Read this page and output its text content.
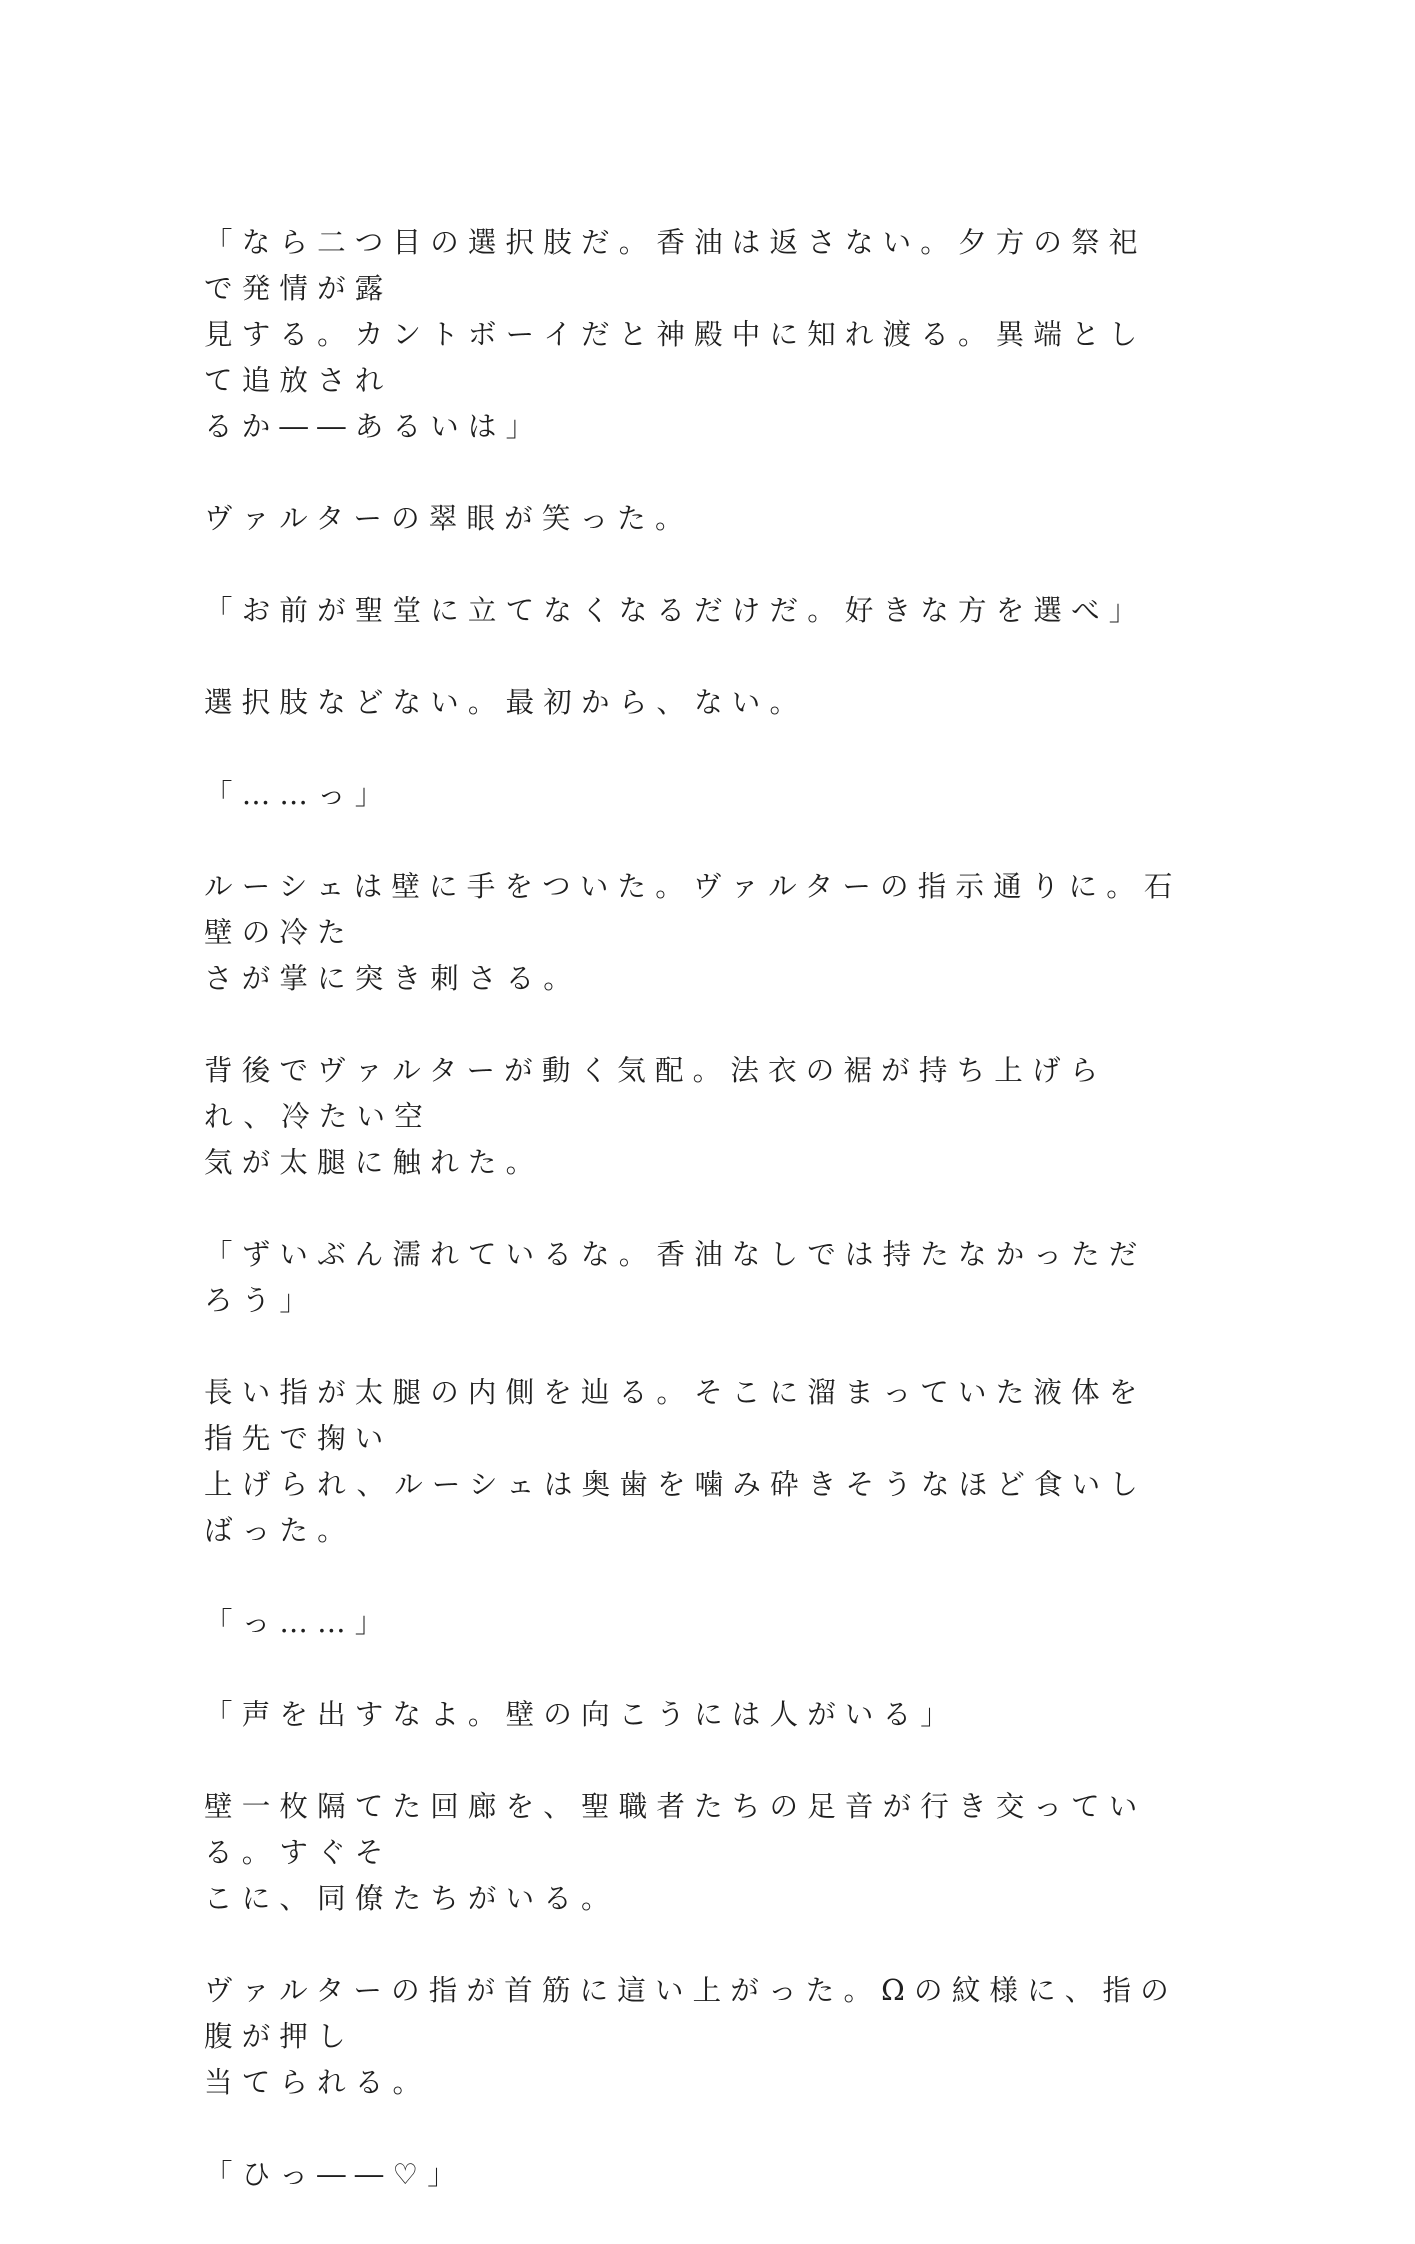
「なら二つ目の選択肢だ。香油は返さない。夕方の祭祀で発情が露
見する。カントボーイだと神殿中に知れ渡る。異端として追放され
るか――あるいは」

ヴァルターの翠眼が笑った。

「お前が聖堂に立てなくなるだけだ。好きな方を選べ」

選択肢などない。最初から、ない。

「……っ」

ルーシェは壁に手をついた。ヴァルターの指示通りに。石壁の冷た
さが掌に突き刺さる。

背後でヴァルターが動く気配。法衣の裾が持ち上げられ、冷たい空
気が太腿に触れた。

「ずいぶん濡れているな。香油なしでは持たなかっただろう」

長い指が太腿の内側を辿る。そこに溜まっていた液体を指先で掬い
上げられ、ルーシェは奥歯を噛み砕きそうなほど食いしばった。

「っ……」

「声を出すなよ。壁の向こうには人がいる」

壁一枚隔てた回廊を、聖職者たちの足音が行き交っている。すぐそ
こに、同僚たちがいる。

ヴァルターの指が首筋に這い上がった。Ωの紋様に、指の腹が押し
当てられる。

「ひっ――♡」
